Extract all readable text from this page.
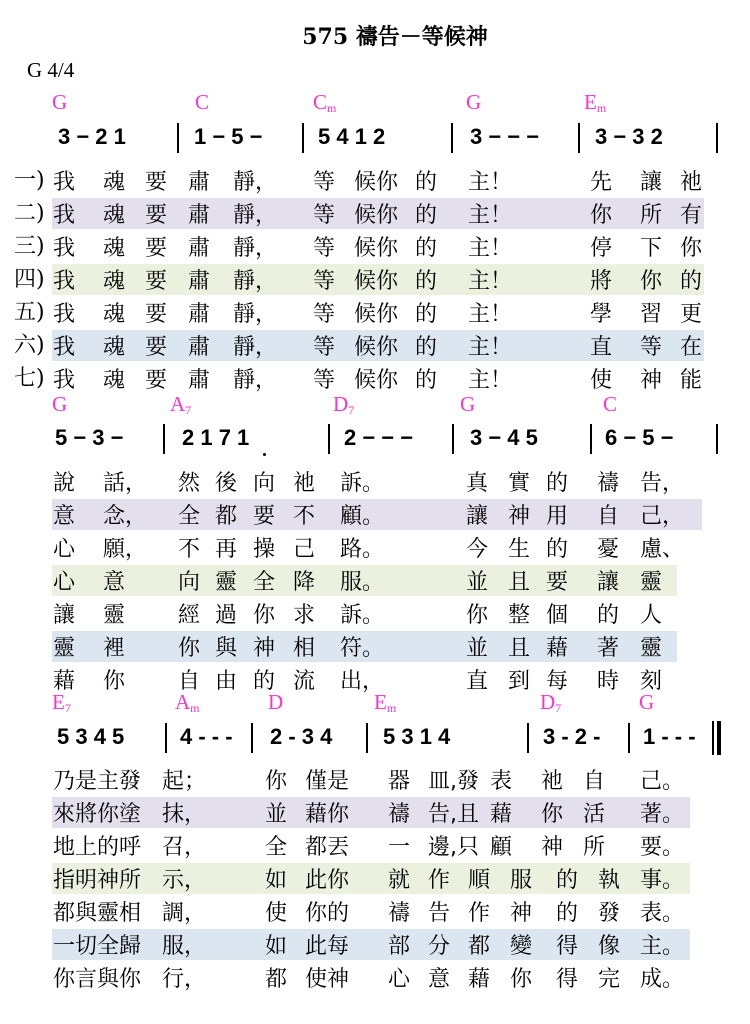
575 禱告－等候神
G 4/4
G	C	$C_m$	G	$E_m$
3 − 2 1	1 − 5 −	5 4 1 2	3 − − −	3 − 3 2
一) 我 魂 要 肅 靜， 等 候你 的 主！	先 讓 祂
二) 我 魂 要 肅 靜， 等 候你 的 主！	你 所 有
三) 我 魂 要 肅 靜， 等 候你 的 主！	停 下 你
四) 我 魂 要 肅 靜， 等 候你 的 主！	將 你 的
五) 我 魂 要 肅 靜， 等 候你 的 主！	學 習 更
六) 我 魂 要 肅 靜， 等 候你 的 主！	直 等 在
七) 我 魂 要 肅 靜， 等 候你 的 主！	使 神 能
G	$A_7$	$D_7$	G	C
5 − 3 −	2 1 7 1	2 − − −	3 − 4 5	6 − 5 −
說 話， 然 後 向 祂 訴。	真 實 的 禱 告，
意 念， 全 都 要 不 顧。	讓 神 用 自 己，
心 願， 不 再 操 己 路。	今 生 的 憂 慮、
心 意 向 靈 全 降 服。	並 且 要 讓 靈
讓 靈 經 過 你 求 訴。	你 整 個 的 人
靈 裡 你 與 神 相 符。	並 且 藉 著 靈
藉 你 自 由 的 流 出，	直 到 每 時 刻
$E_7$	$A_m$	D	$E_m$	$D_7$	G
5 3 4 5	4 - - - 2 - 3 4 5 3 1 4	3 - 2 - 1 - - -
乃是主發 起；	你 僅是 器 皿,發 表 祂 自 己。
來將你塗 抹，	並 藉你 禱 告,且 藉 你 活 著。
地上的呼 召，	全 都丟 一 邊,只 顧 神 所 要。
指明神所 示，	如 此你 就 作 順 服 的 執 事。
都與靈相 調，	使 你的 禱 告 作 神 的 發 表。
一切全歸 服，	如 此每 部 分 都 變 得 像 主。
你言與你 行，	都 使神 心 意 藉 你 得 完 成。
